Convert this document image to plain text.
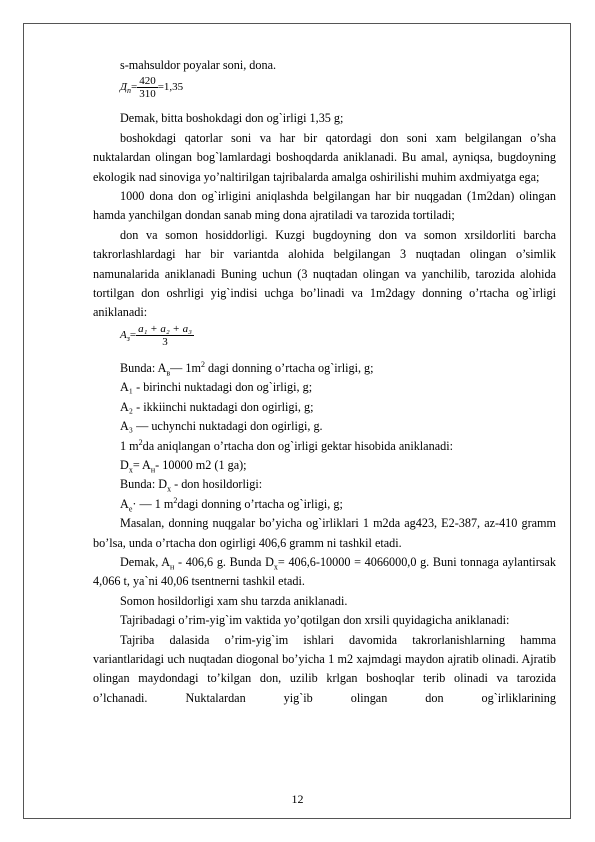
s-mahsuldor poyalar soni, dona.

$Д_п= \frac{420}{310} =1,35$

Demak, bitta boshokdagi don og`irligi 1,35 g;

boshokdagi qatorlar soni va har bir qatordagi don soni xam belgilangan o’sha nuktalardan olingan bog`lamlardagi boshoqdarda aniklanadi. Bu amal, ayniqsa, bugdoyning ekologik nad sinoviga yo’naltirilgan tajribalarda amalga oshirilishi muhim axdmiyatga ega;

1000 dona don og`irligini aniqlashda belgilangan har bir nuqgadan (1m2dan) olingan hamda yanchilgan dondan sanab ming dona ajratiladi va tarozida tortiladi;

don va somon hosiddorligi. Kuzgi bugdoyning don va somon xrsildorliti barcha takrorlashlardagi har bir variantda alohida belgilangan 3 nuqtadan olingan o’simlik namunalarida aniklanadi Buning uchun (3 nuqtadan olingan va yanchilib, tarozida alohida tortilgan don oshrligi yig`indisi uchga bo’linadi va 1m2dagy donning o’rtacha og`irligi aniklanadi:

$A_з= \frac{\text{a₁ + a₂ + a₃}}{3}$

Bunda: $A_в—$ $1m^2$ dagi donning o’rtacha og`irligi, g;

A₁ - birinchi nuktadagi don og`irligi, g;

A₂ - ikkiinchi nuktadagi don ogirligi, g;

A₃ — uchynchi nuktadagi don ogirligi, g.

1 $m^2da$ aniqlangan o’rtacha don og`irligi gektar hisobida aniklanadi:

$D_x= A_н-$ 10000 m2 (1 ga);

Bunda: $D_x$ - don hosildorligi:

$A_e\cdot$ — 1 $m^2dagi$ donning o’rtacha og`irligi, g;

Masalan, donning nuqgalar bo’yicha og`irliklari 1 m2da ag423, E2-387, az-410 gramm bo’lsa, unda o’rtacha don ogirligi 406,6 gramm ni tashkil etadi.

Demak, $A_н - 406,6$ g. Bunda $D_x= 406,6-10000 = 4066000,0$ g. Buni tonnaga aylantirsak 4,066 t, ya`ni 40,06 tsentnerni tashkil etadi.

Somon hosildorligi xam shu tarzda aniklanadi.

Tajribadagi o’rim-yig`im vaktida yo’qotilgan don xrsili quyidagicha aniklanadi:

Tajriba dalasida o’rim-yig`im ishlari davomida takrorlanishlarning hamma variantlaridagi uch nuqtadan diogonal bo’yicha 1 m2 xajmdagi maydon ajratib olinadi. Ajratib olingan maydondagi to’kilgan don, uzilib krlgan boshoqlar terib olinadi va tarozida o’lchanadi. Nuktalardan yig`ib olingan don og`irliklarining

12
